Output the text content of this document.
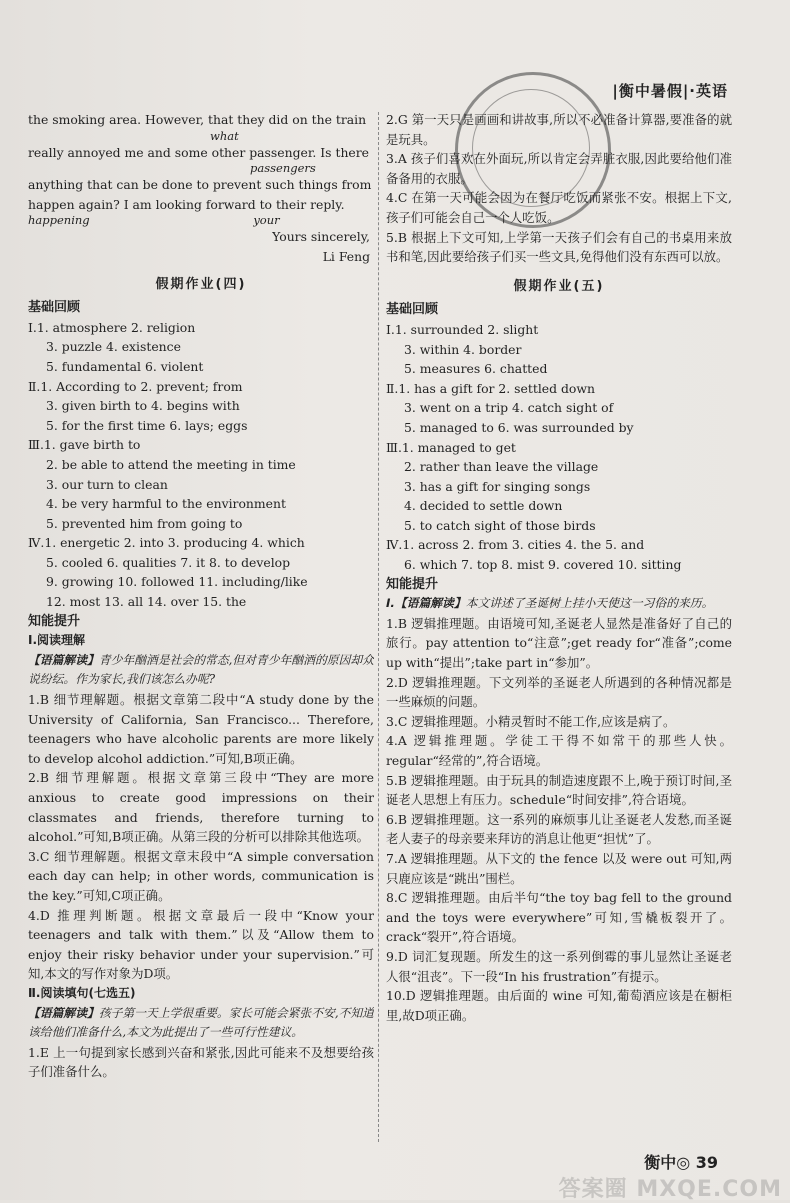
|衡中暑假|·英语
the smoking area. However, that they did on the train
what
really annoyed me and some other passenger. Is there
passengers
anything that can be done to prevent such things from
happen again? I am looking forward to their reply.
happening	your
Yours sincerely,
Li Feng
假期作业(四)
基础回顾
Ⅰ.1. atmosphere 2. religion
3. puzzle 4. existence
5. fundamental 6. violent
Ⅱ.1. According to 2. prevent; from
3. given birth to 4. begins with
5. for the first time 6. lays; eggs
Ⅲ.1. gave birth to
2. be able to attend the meeting in time
3. our turn to clean
4. be very harmful to the environment
5. prevented him from going to
Ⅳ.1. energetic 2. into 3. producing 4. which
5. cooled 6. qualities 7. it 8. to develop
9. growing 10. followed 11. including/like
12. most 13. all 14. over 15. the
知能提升
Ⅰ.阅读理解
【语篇解读】青少年酗酒是社会的常态,但对青少年酗酒的原因却众说纷纭。作为家长,我们该怎么办呢?
1.B 细节理解题。根据文章第二段中“A study done by the University of California, San Francisco... Therefore, teenagers who have alcoholic parents are more likely to develop alcohol addiction.”可知,B项正确。
2.B 细节理解题。根据文章第三段中“They are more anxious to create good impressions on their classmates and friends, therefore turning to alcohol.”可知,B项正确。从第三段的分析可以排除其他选项。
3.C 细节理解题。根据文章末段中“A simple conversation each day can help; in other words, communication is the key.”可知,C项正确。
4.D 推理判断题。根据文章最后一段中“Know your teenagers and talk with them.”以及“Allow them to enjoy their risky behavior under your supervision.”可知,本文的写作对象为D项。
Ⅱ.阅读填句(七选五)
【语篇解读】孩子第一天上学很重要。家长可能会紧张不安,不知道该给他们准备什么,本文为此提出了一些可行性建议。
1.E 上一句提到家长感到兴奋和紧张,因此可能来不及想要给孩子们准备什么。
2.G 第一天只是画画和讲故事,所以不必准备计算器,要准备的就是玩具。
3.A 孩子们喜欢在外面玩,所以肯定会弄脏衣服,因此要给他们准备备用的衣服。
4.C 在第一天可能会因为在餐厅吃饭而紧张不安。根据上下文,孩子们可能会自己一个人吃饭。
5.B 根据上下文可知,上学第一天孩子们会有自己的书桌用来放书和笔,因此要给孩子们买一些文具,免得他们没有东西可以放。
假期作业(五)
基础回顾
Ⅰ.1. surrounded 2. slight
3. within 4. border
5. measures 6. chatted
Ⅱ.1. has a gift for 2. settled down
3. went on a trip 4. catch sight of
5. managed to 6. was surrounded by
Ⅲ.1. managed to get
2. rather than leave the village
3. has a gift for singing songs
4. decided to settle down
5. to catch sight of those birds
Ⅳ.1. across 2. from 3. cities 4. the 5. and
6. which 7. top 8. mist 9. covered 10. sitting
知能提升
Ⅰ.【语篇解读】本文讲述了圣诞树上挂小天使这一习俗的来历。
1.B 逻辑推理题。由语境可知,圣诞老人显然是准备好了自己的旅行。pay attention to“注意”;get ready for“准备”;come up with“提出”;take part in“参加”。
2.D 逻辑推理题。下文列举的圣诞老人所遇到的各种情况都是一些麻烦的问题。
3.C 逻辑推理题。小精灵暂时不能工作,应该是病了。
4.A 逻辑推理题。学徒工干得不如常干的那些人快。regular“经常的”,符合语境。
5.B 逻辑推理题。由于玩具的制造速度跟不上,晚于预订时间,圣诞老人思想上有压力。schedule“时间安排”,符合语境。
6.B 逻辑推理题。这一系列的麻烦事儿让圣诞老人发愁,而圣诞老人妻子的母亲要来拜访的消息让他更“担忧”了。
7.A 逻辑推理题。从下文的 the fence 以及 were out 可知,两只鹿应该是“跳出”围栏。
8.C 逻辑推理题。由后半句“the toy bag fell to the ground and the toys were everywhere”可知,雪橇板裂开了。crack“裂开”,符合语境。
9.D 词汇复现题。所发生的这一系列倒霉的事儿显然让圣诞老人很“沮丧”。下一段“In his frustration”有提示。
10.D 逻辑推理题。由后面的 wine 可知,葡萄酒应该是在橱柜里,故D项正确。
衡中◎ 39
答案圈 MXQE.COM
